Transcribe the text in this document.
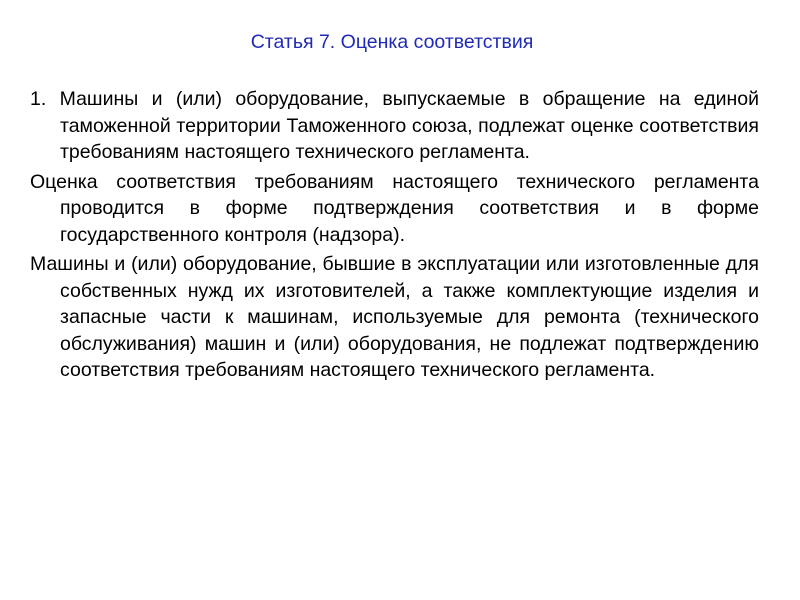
Статья 7. Оценка соответствия

1. Машины и (или) оборудование, выпускаемые в обращение на единой таможенной территории Таможенного союза, подлежат оценке соответствия требованиям настоящего технического регламента.

Оценка соответствия требованиям настоящего технического регламента проводится в форме подтверждения соответствия и в форме государственного контроля (надзора).

Машины и (или) оборудование, бывшие в эксплуатации или изготовленные для собственных нужд их изготовителей, а также комплектующие изделия и запасные части к машинам, используемые для ремонта (технического обслуживания) машин и (или) оборудования, не подлежат подтверждению соответствия требованиям настоящего технического регламента.
